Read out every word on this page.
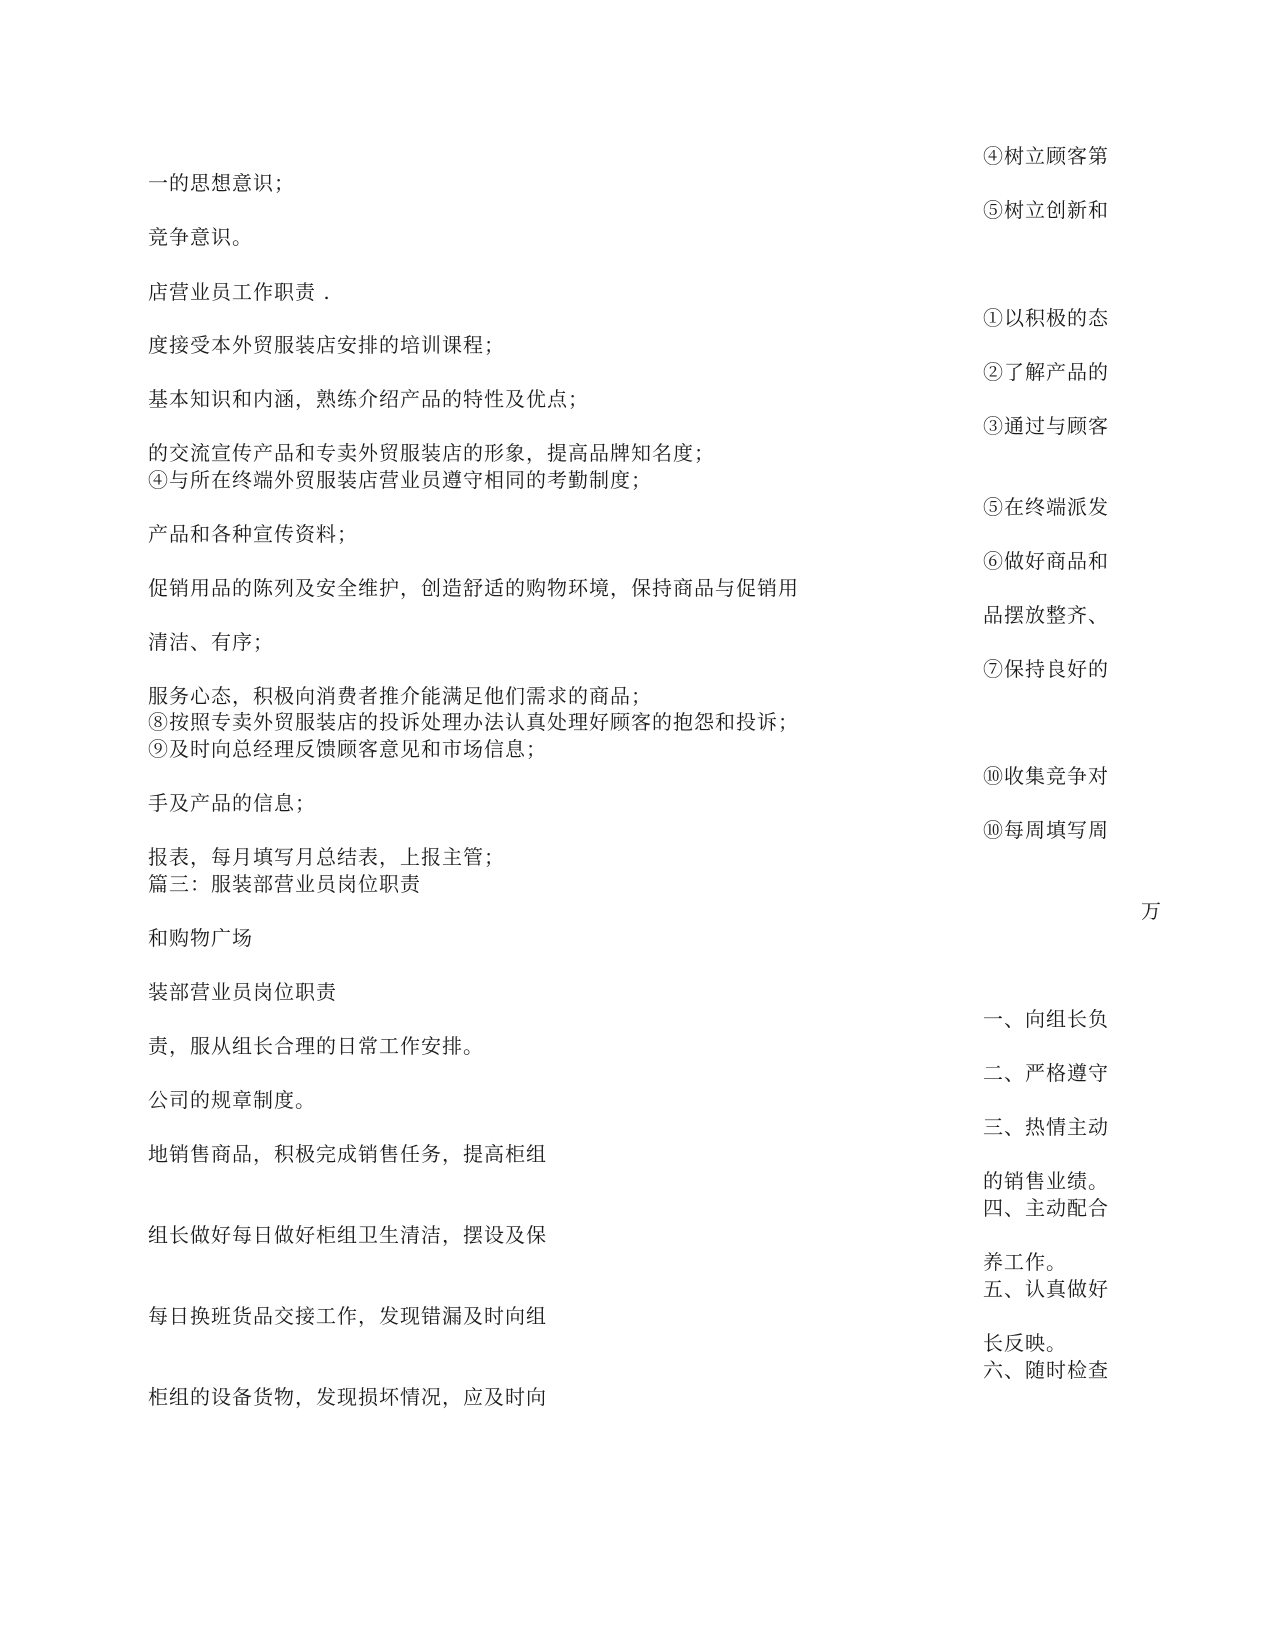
④树立顾客第
一的思想意识；
⑤树立创新和
竞争意识。
店营业员工作职责 .
①以积极的态
度接受本外贸服装店安排的培训课程；
②了解产品的
基本知识和内涵，熟练介绍产品的特性及优点；
③通过与顾客
的交流宣传产品和专卖外贸服装店的形象，提高品牌知名度；
④与所在终端外贸服装店营业员遵守相同的考勤制度；
⑤在终端派发
产品和各种宣传资料；
⑥做好商品和
促销用品的陈列及安全维护，创造舒适的购物环境，保持商品与促销用
品摆放整齐、
清洁、有序；
⑦保持良好的
服务心态，积极向消费者推介能满足他们需求的商品；
⑧按照专卖外贸服装店的投诉处理办法认真处理好顾客的抱怨和投诉；
⑨及时向总经理反馈顾客意见和市场信息；
⑩收集竞争对
手及产品的信息；
⑩每周填写周
报表，每月填写月总结表，上报主管；
篇三：服装部营业员岗位职责
万
和购物广场
装部营业员岗位职责
一、向组长负
责，服从组长合理的日常工作安排。
二、严格遵守
公司的规章制度。
三、热情主动
地销售商品，积极完成销售任务，提高柜组
的销售业绩。
四、主动配合
组长做好每日做好柜组卫生清洁，摆设及保
养工作。
五、认真做好
每日换班货品交接工作，发现错漏及时向组
长反映。
六、随时检查
柜组的设备货物，发现损坏情况，应及时向
